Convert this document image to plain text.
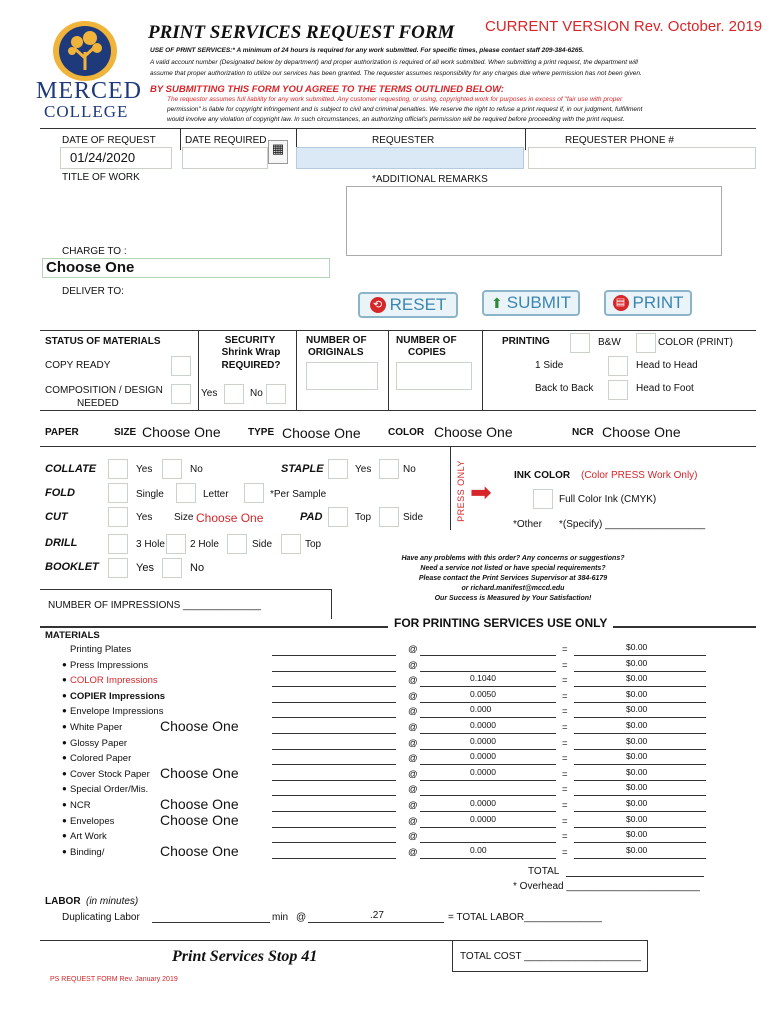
MERCED
COLLEGE
PRINT SERVICES REQUEST FORM CURRENT VERSION Rev. October. 2019
USE OF PRINT SERVICES:* A minimum of 24 hours is required for any work submitted. For specific times, please contact staff 209-384-6265.
A valid account number (Designated below by department) and proper authorization is required of all work submitted. When submitting a print request, the department will
assume that proper authorization to utilize our services has been granted. The requester assumes responsibility for any charges due where permission has not been given.
BY SUBMITTING THIS FORM YOU AGREE TO THE TERMS OUTLINED BELOW:
The requestor assumes full liability for any work submitted. Any customer requesting, or using, copyrighted work for purposes in excess of "fair use with proper
permission" is liable for copyright infringement and is subject to civil and criminal penalties. We reserve the right to refuse a print request if, in our judgment, fulfillment
would involve any violation of copyright law. In such circumstances, an authorizing official's permission will be required before proceeding with the print request.
DATE OF REQUEST	DATE REQUIRED
▦
REQUESTER	REQUESTER PHONE #
01/24/2020
TITLE OF WORK	*ADDITIONAL REMARKS
CHARGE TO :
Choose One
DELIVER TO:
⟲ RESET	⬆ SUBMIT	▤ PRINT
STATUS OF MATERIALS
COPY READY
COMPOSITION / DESIGN
NEEDED
SECURITY
Shrink Wrap
REQUIRED?
Yes	No
NUMBER OF
ORIGINALS
NUMBER OF
COPIES
PRINTING	B&W	COLOR (PRINT)
1 Side	Head to Head
Back to Back	Head to Foot
PAPER	SIZE Choose One	TYPE Choose One	COLOR Choose One	NCR Choose One
COLLATE	Yes	No	STAPLE	Yes	No
FOLD	Single	Letter	*Per Sample
CUT	Yes Size Choose One	PAD	Top	Side
DRILL	3 Hole	2 Hole	Side	Top
BOOKLET	Yes	No
PRESS ONLY ➡
INK COLOR (Color PRESS Work Only)
Full Color Ink (CMYK)
*Other *(Specify) __________________
Have any problems with this order? Any concerns or suggestions?
Need a service not listed or have special requirements?
Please contact the Print Services Supervisor at 384-6179
or richard.manifest@mccd.edu
Our Success is Measured by Your Satisfaction!
NUMBER OF IMPRESSIONS ______________
FOR PRINTING SERVICES USE ONLY
MATERIALS
Printing Plates	@	=	$0.00
● Press Impressions	@	=	$0.00
● COLOR Impressions	@	0.1040	=	$0.00
● COPIER Impressions	@	0.0050	=	$0.00
● Envelope Impressions	@	0.000	=	$0.00
● White Paper	Choose One	@	0.0000	=	$0.00
● Glossy Paper	@	0.0000	=	$0.00
● Colored Paper	@	0.0000	=	$0.00
● Cover Stock Paper Choose One	@	0.0000	=	$0.00
● Special Order/Mis.	@	=	$0.00
● NCR	Choose One	@	0.0000	=	$0.00
● Envelopes	Choose One	@	0.0000	=	$0.00
● Art Work	@	=	$0.00
● Binding/	Choose One	@	0.00	=	$0.00
TOTAL
* Overhead ________________________
LABOR (in minutes)
Duplicating Labor	min @	.27	= TOTAL LABOR______________
Print Services Stop 41	TOTAL COST _____________________
PS REQUEST FORM Rev. January 2019
